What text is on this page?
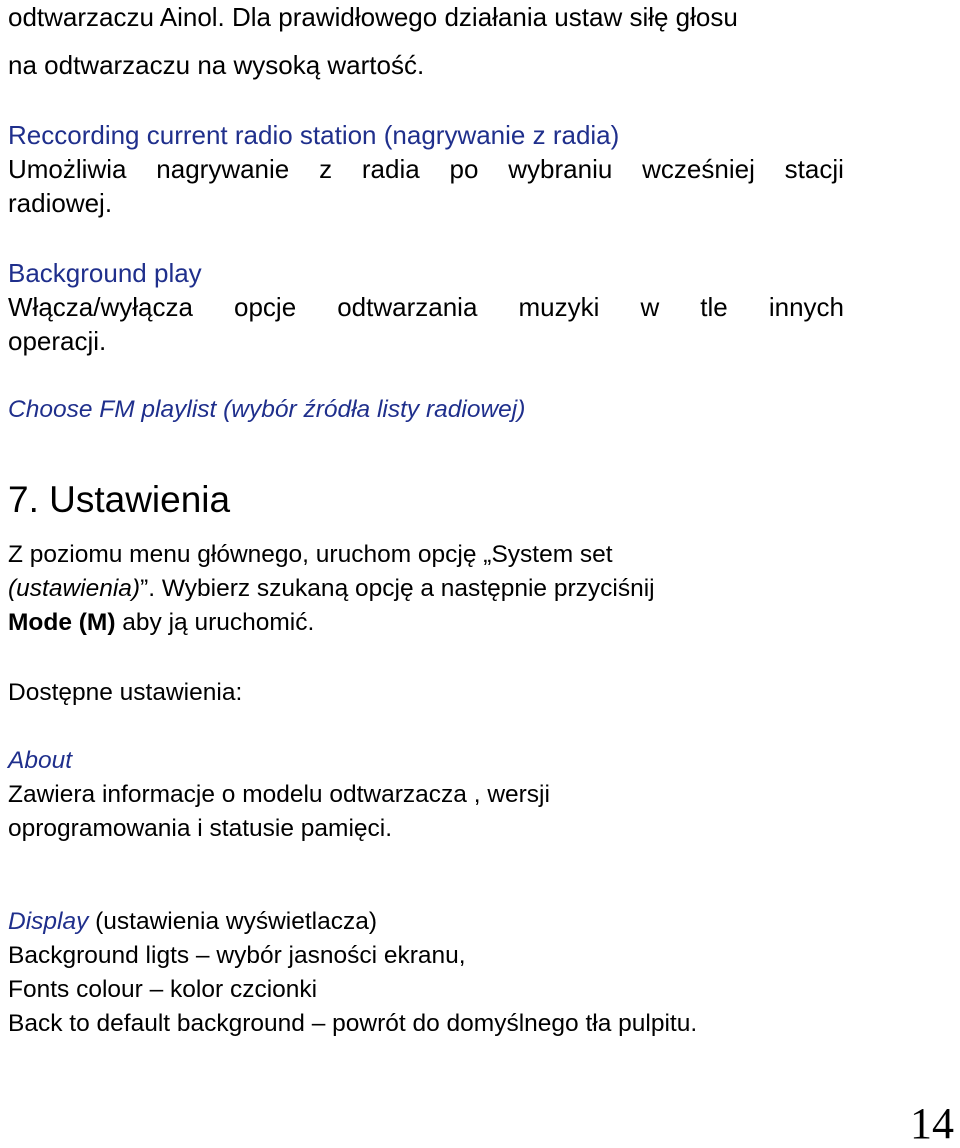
odtwarzaczu Ainol. Dla prawidłowego działania ustaw siłę głosu
na odtwarzaczu na wysoką wartość.
Reccording current radio station (nagrywanie z radia)
Umożliwia nagrywanie z radia po wybraniu wcześniej stacji
radiowej.
Background play
Włącza/wyłącza opcje odtwarzania muzyki w tle innych
operacji.
Choose FM playlist (wybór źródła listy radiowej)
7. Ustawienia
Z poziomu menu głównego, uruchom opcję „System set
(ustawienia)”. Wybierz szukaną opcję a następnie przyciśnij
Mode (M) aby ją uruchomić.
Dostępne ustawienia:
About
Zawiera informacje o modelu odtwarzacza , wersji
oprogramowania i statusie pamięci.
Display (ustawienia wyświetlacza)
Background ligts – wybór jasności ekranu,
Fonts colour – kolor czcionki
Back to default background – powrót do domyślnego tła pulpitu.
14
